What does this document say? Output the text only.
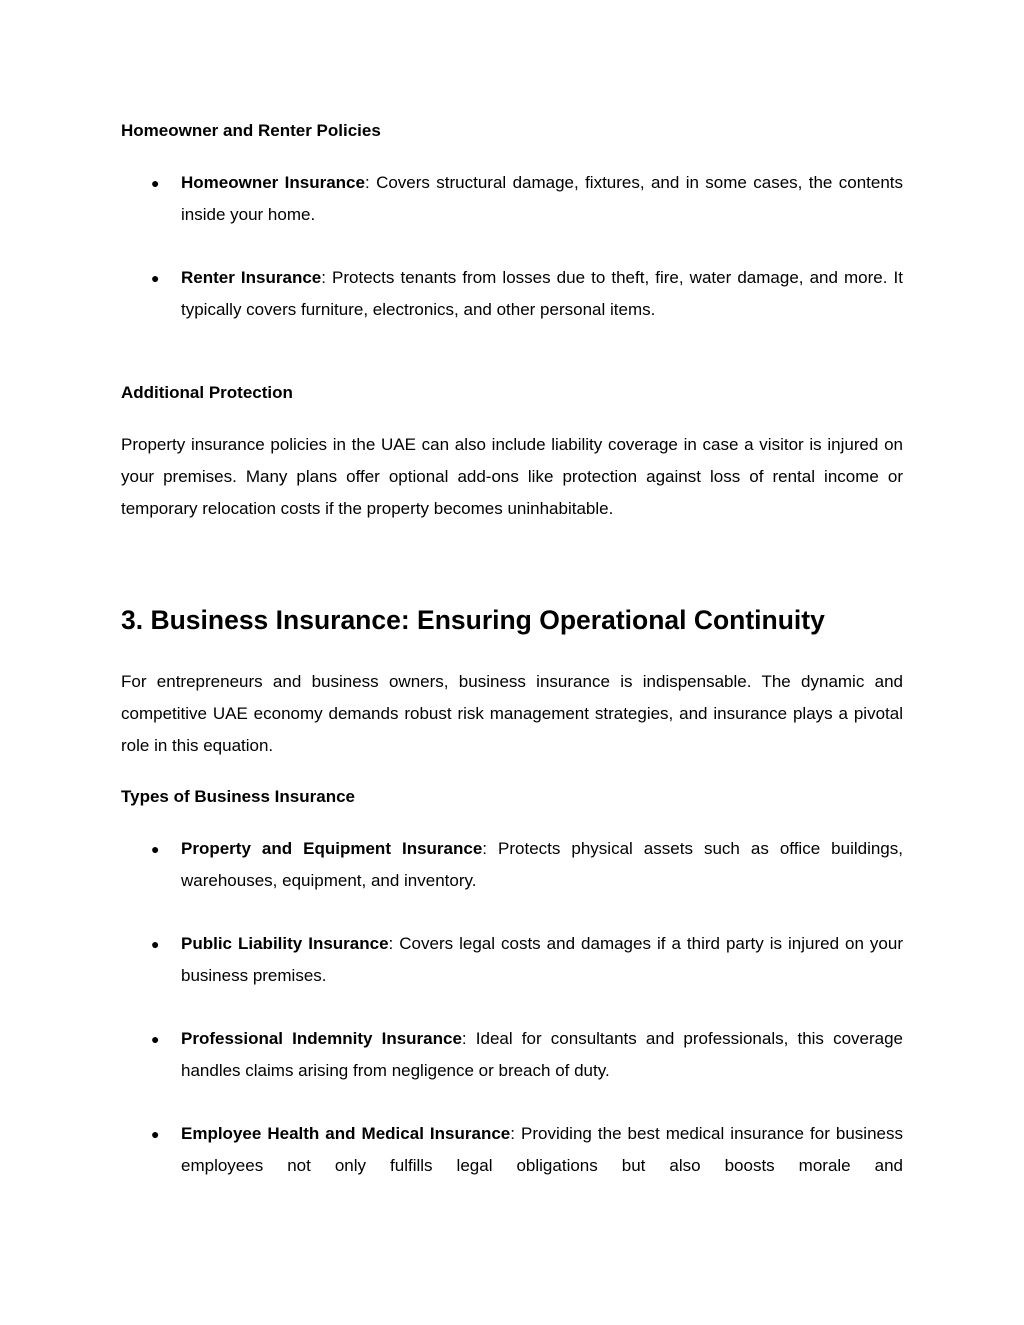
Homeowner and Renter Policies
● Homeowner Insurance: Covers structural damage, fixtures, and in some cases, the contents inside your home.

● Renter Insurance: Protects tenants from losses due to theft, fire, water damage, and more. It typically covers furniture, electronics, and other personal items.

Additional Protection

Property insurance policies in the UAE can also include liability coverage in case a visitor is injured on your premises. Many plans offer optional add-ons like protection against loss of rental income or temporary relocation costs if the property becomes uninhabitable.

3. Business Insurance: Ensuring Operational Continuity

For entrepreneurs and business owners, business insurance is indispensable. The dynamic and competitive UAE economy demands robust risk management strategies, and insurance plays a pivotal role in this equation.

Types of Business Insurance
● Property and Equipment Insurance: Protects physical assets such as office buildings, warehouses, equipment, and inventory.

● Public Liability Insurance: Covers legal costs and damages if a third party is injured on your business premises.

● Professional Indemnity Insurance: Ideal for consultants and professionals, this coverage handles claims arising from negligence or breach of duty.

● Employee Health and Medical Insurance: Providing the best medical insurance for business employees not only fulfills legal obligations but also boosts morale and
